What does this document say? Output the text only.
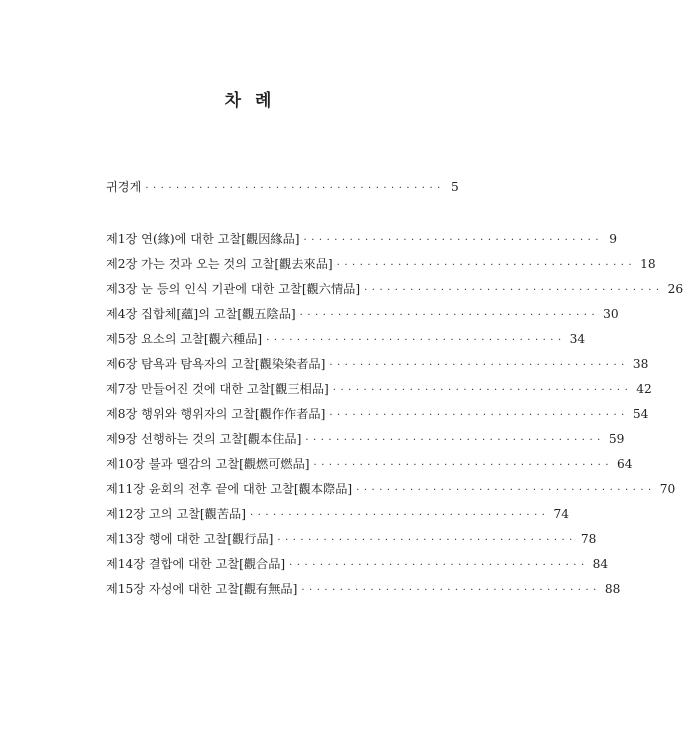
차 례
귀경게 ······································· 5
제1장 연(緣)에 대한 고찰[觀因緣品] ······································· 9
제2장 가는 것과 오는 것의 고찰[觀去來品] ······································· 18
제3장 눈 등의 인식 기관에 대한 고찰[觀六情品] ······································· 26
제4장 집합체[蘊]의 고찰[觀五陰品] ······································· 30
제5장 요소의 고찰[觀六種品] ······································· 34
제6장 탐욕과 탐욕자의 고찰[觀染染者品] ······································· 38
제7장 만들어진 것에 대한 고찰[觀三相品] ······································· 42
제8장 행위와 행위자의 고찰[觀作作者品] ······································· 54
제9장 선행하는 것의 고찰[觀本住品] ······································· 59
제10장 불과 땔감의 고찰[觀燃可燃品] ······································· 64
제11장 윤회의 전후 끝에 대한 고찰[觀本際品] ······································· 70
제12장 고의 고찰[觀苦品] ······································· 74
제13장 행에 대한 고찰[觀行品] ······································· 78
제14장 결합에 대한 고찰[觀合品] ······································· 84
제15장 자성에 대한 고찰[觀有無品] ······································· 88
